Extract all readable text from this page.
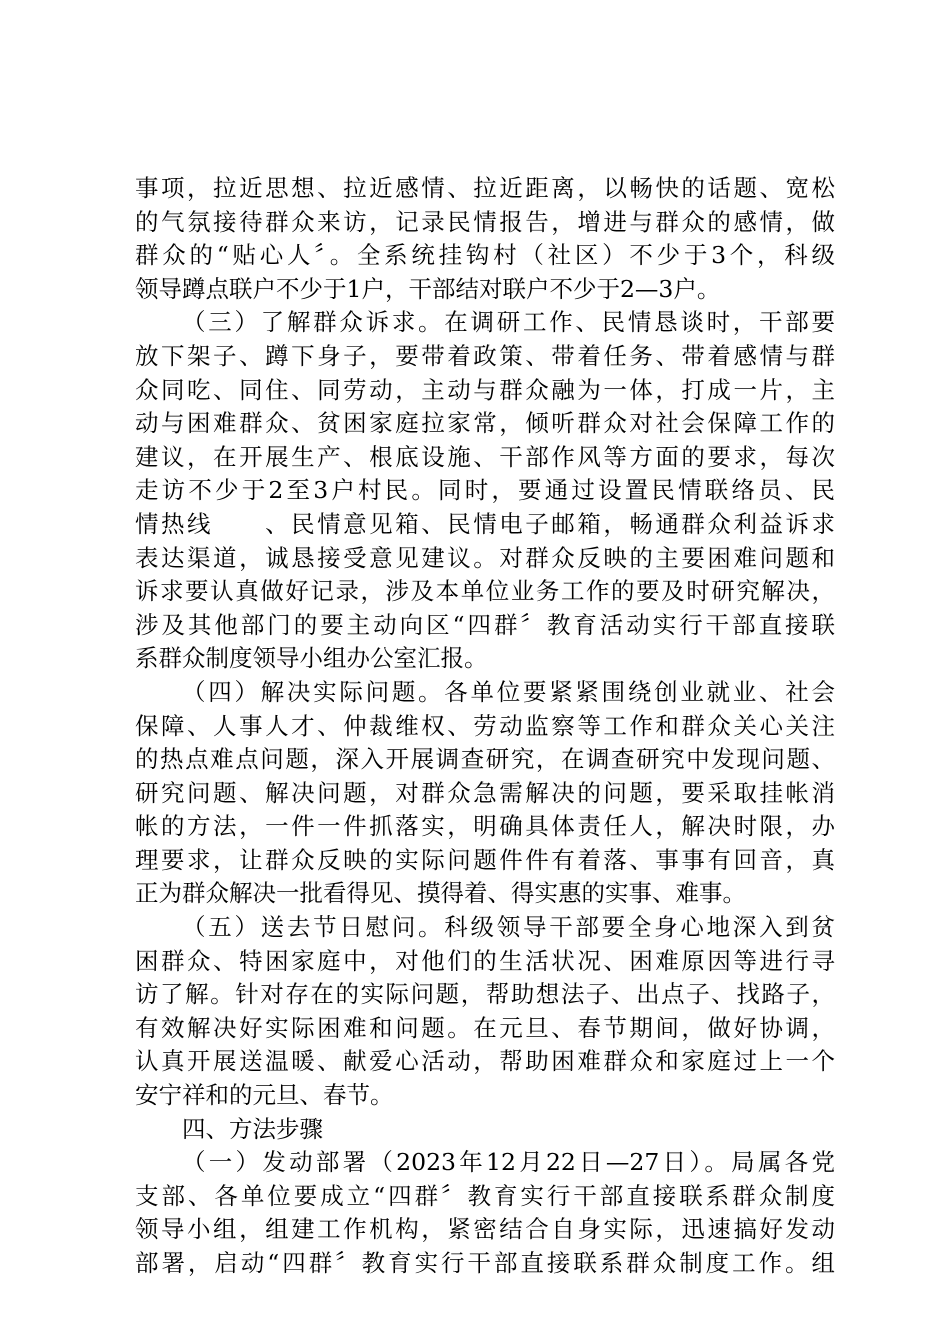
事项，拉近思想、拉近感情、拉近距离，以畅快的话题、宽松
的气氛接待群众来访，记录民情报告，增进与群众的感情，做
群众的“贴心人〞。全系统挂钩村（社区）不少于3个，科级
领导蹲点联户不少于1户，干部结对联户不少于2—3户。
（三）了解群众诉求。在调研工作、民情恳谈时，干部要
放下架子、蹲下身子，要带着政策、带着任务、带着感情与群
众同吃、同住、同劳动，主动与群众融为一体，打成一片，主
动与困难群众、贫困家庭拉家常，倾听群众对社会保障工作的
建议，在开展生产、根底设施、干部作风等方面的要求，每次
走访不少于2至3户村民。同时，要通过设置民情联络员、民
情热线　　、民情意见箱、民情电子邮箱，畅通群众利益诉求
表达渠道，诚恳接受意见建议。对群众反映的主要困难问题和
诉求要认真做好记录，涉及本单位业务工作的要及时研究解决，
涉及其他部门的要主动向区“四群〞教育活动实行干部直接联
系群众制度领导小组办公室汇报。
（四）解决实际问题。各单位要紧紧围绕创业就业、社会
保障、人事人才、仲裁维权、劳动监察等工作和群众关心关注
的热点难点问题，深入开展调查研究，在调查研究中发现问题、
研究问题、解决问题，对群众急需解决的问题，要采取挂帐消
帐的方法，一件一件抓落实，明确具体责任人，解决时限，办
理要求，让群众反映的实际问题件件有着落、事事有回音，真
正为群众解决一批看得见、摸得着、得实惠的实事、难事。
（五）送去节日慰问。科级领导干部要全身心地深入到贫
困群众、特困家庭中，对他们的生活状况、困难原因等进行寻
访了解。针对存在的实际问题，帮助想法子、出点子、找路子，
有效解决好实际困难和问题。在元旦、春节期间，做好协调，
认真开展送温暖、献爱心活动，帮助困难群众和家庭过上一个
安宁祥和的元旦、春节。
四、方法步骤
（一）发动部署（2023年12月22日—27日）。局属各党
支部、各单位要成立“四群〞教育实行干部直接联系群众制度
领导小组，组建工作机构，紧密结合自身实际，迅速搞好发动
部署，启动“四群〞教育实行干部直接联系群众制度工作。组
